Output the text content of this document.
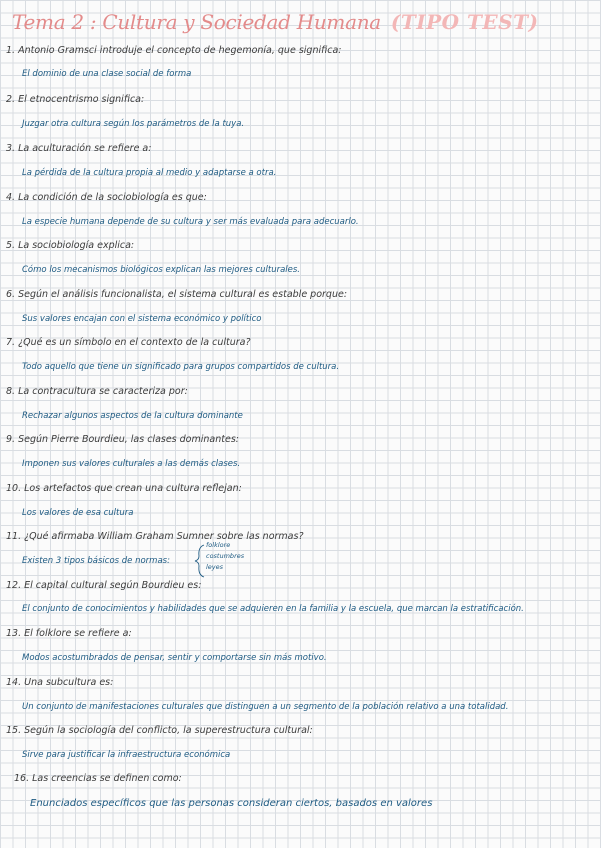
Tema 2 : Cultura y Sociedad Humana (TIPO TEST)
1. Antonio Gramsci introduje el concepto de hegemonía, que significa:
El dominio de una clase social de forma
2. El etnocentrismo significa:
Juzgar otra cultura según los parámetros de la tuya.
3. La aculturación se refiere a:
La pérdida de la cultura propia al medio y adaptarse a otra.
4. La condición de la sociobiología es que:
La especie humana depende de su cultura y ser más evaluada para adecuarlo.
5. La sociobiología explica:
Cómo los mecanismos biológicos explican las mejores culturales.
6. Según el análisis funcionalista, el sistema cultural es estable porque:
Sus valores encajan con el sistema económico y político
7. ¿Qué es un símbolo en el contexto de la cultura?
Todo aquello que tiene un significado para grupos compartidos de cultura.
8. La contracultura se caracteriza por:
Rechazar algunos aspectos de la cultura dominante
9. Según Pierre Bourdieu, las clases dominantes:
Imponen sus valores culturales a las demás clases.
10. Los artefactos que crean una cultura reflejan:
Los valores de esa cultura
11. ¿Qué afirmaba William Graham Sumner sobre las normas?
Existen 3 tipos básicos de normas:
folklore
costumbres
leyes
12. El capital cultural según Bourdieu es:
El conjunto de conocimientos y habilidades que se adquieren en la familia y la escuela, que marcan la estratificación.
13. El folklore se refiere a:
Modos acostumbrados de pensar, sentir y comportarse sin más motivo.
14. Una subcultura es:
Un conjunto de manifestaciones culturales que distinguen a un segmento de la población relativo a una totalidad.
15. Según la sociología del conflicto, la superestructura cultural:
Sirve para justificar la infraestructura económica
16. Las creencias se definen como:
Enunciados específicos que las personas consideran ciertos, basados en valores
